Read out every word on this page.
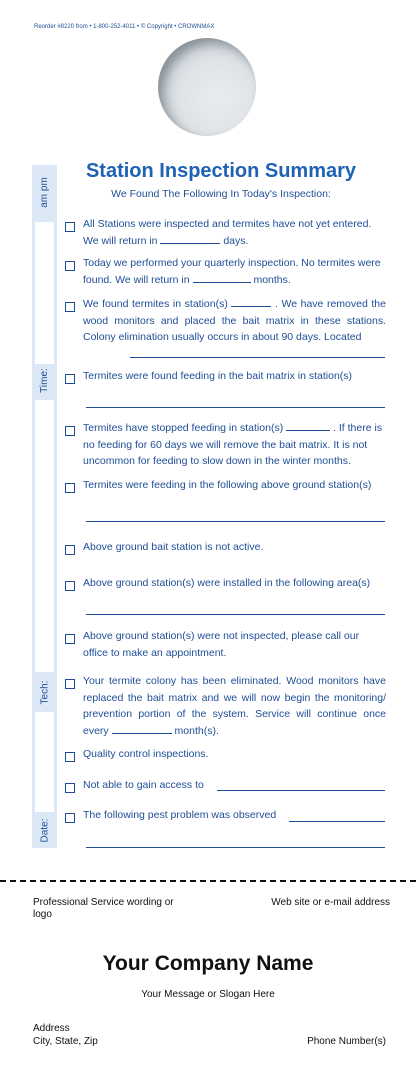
Reorder #8220 from • 1-800-252-4011 • © Copyright • CROWNMAX
am pm
Time:
Tech:
Date:
Station Inspection Summary
We Found The Following In Today's Inspection:
All Stations were inspected and termites have not yet entered. We will return in	days.
Today we performed your quarterly inspection. No termites were found. We will return in	months.
We found termites in station(s)	. We have removed the wood monitors and placed the bait matrix in these stations. Colony elimination usually occurs in about 90 days. Located
Termites were found feeding in the bait matrix in station(s)
Termites have stopped feeding in station(s)	. If there is no feeding for 60 days we will remove the bait matrix. It is not uncommon for feeding to slow down in the winter months.
Termites were feeding in the following above ground station(s)
Above ground bait station is not active.
Above ground station(s) were installed in the following area(s)
Above ground station(s) were not inspected, please call our office to make an appointment.
Your termite colony has been eliminated. Wood monitors have replaced the bait matrix and we will now begin the monitoring/ prevention portion of the system. Service will continue once every	month(s).
Quality control inspections.
Not able to gain access to
The following pest problem was observed
Professional Service wording or logo
Web site or e-mail address
Your Company Name
Your Message or Slogan Here
Address
City, State, Zip	Phone Number(s)
